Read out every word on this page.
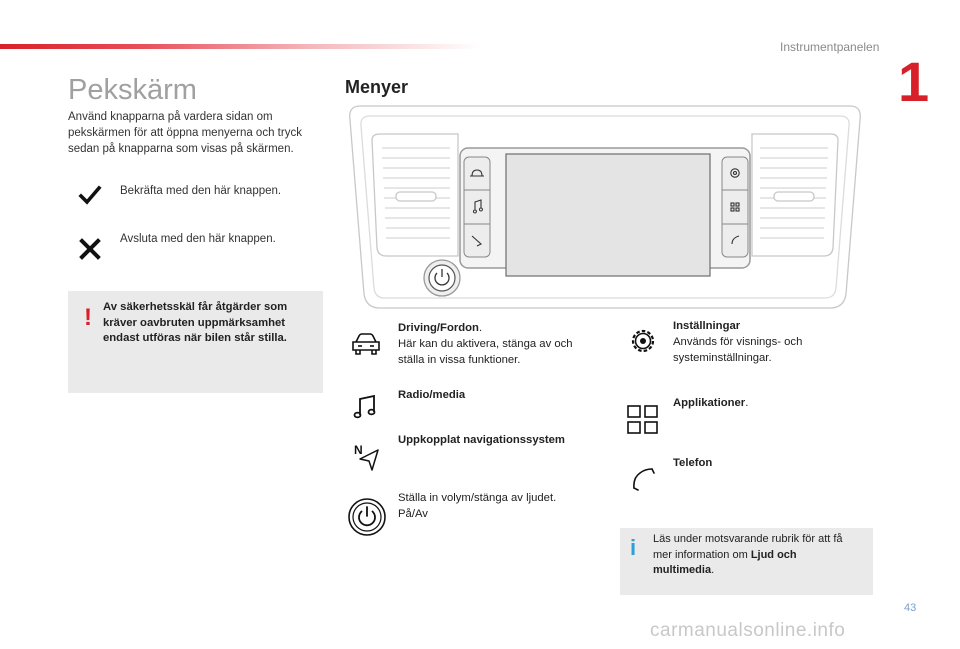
Instrumentpanelen
1
Pekskärm
Använd knapparna på vardera sidan om pekskärmen för att öppna menyerna och tryck sedan på knapparna som visas på skärmen.
Bekräfta med den här knappen.
Avsluta med den här knappen.
! Av säkerhetsskäl får åtgärder som kräver oavbruten uppmärksamhet endast utföras när bilen står stilla.
Menyer
Driving/Fordon.
Här kan du aktivera, stänga av och ställa in vissa funktioner.
Radio/media
N
Uppkopplat navigationssystem
Ställa in volym/stänga av ljudet. På/Av
Inställningar
Används för visnings- och systeminställningar.
Applikationer.
Telefon
i Läs under motsvarande rubrik för att få mer information om Ljud och multimedia.
43
carmanualsonline.info
